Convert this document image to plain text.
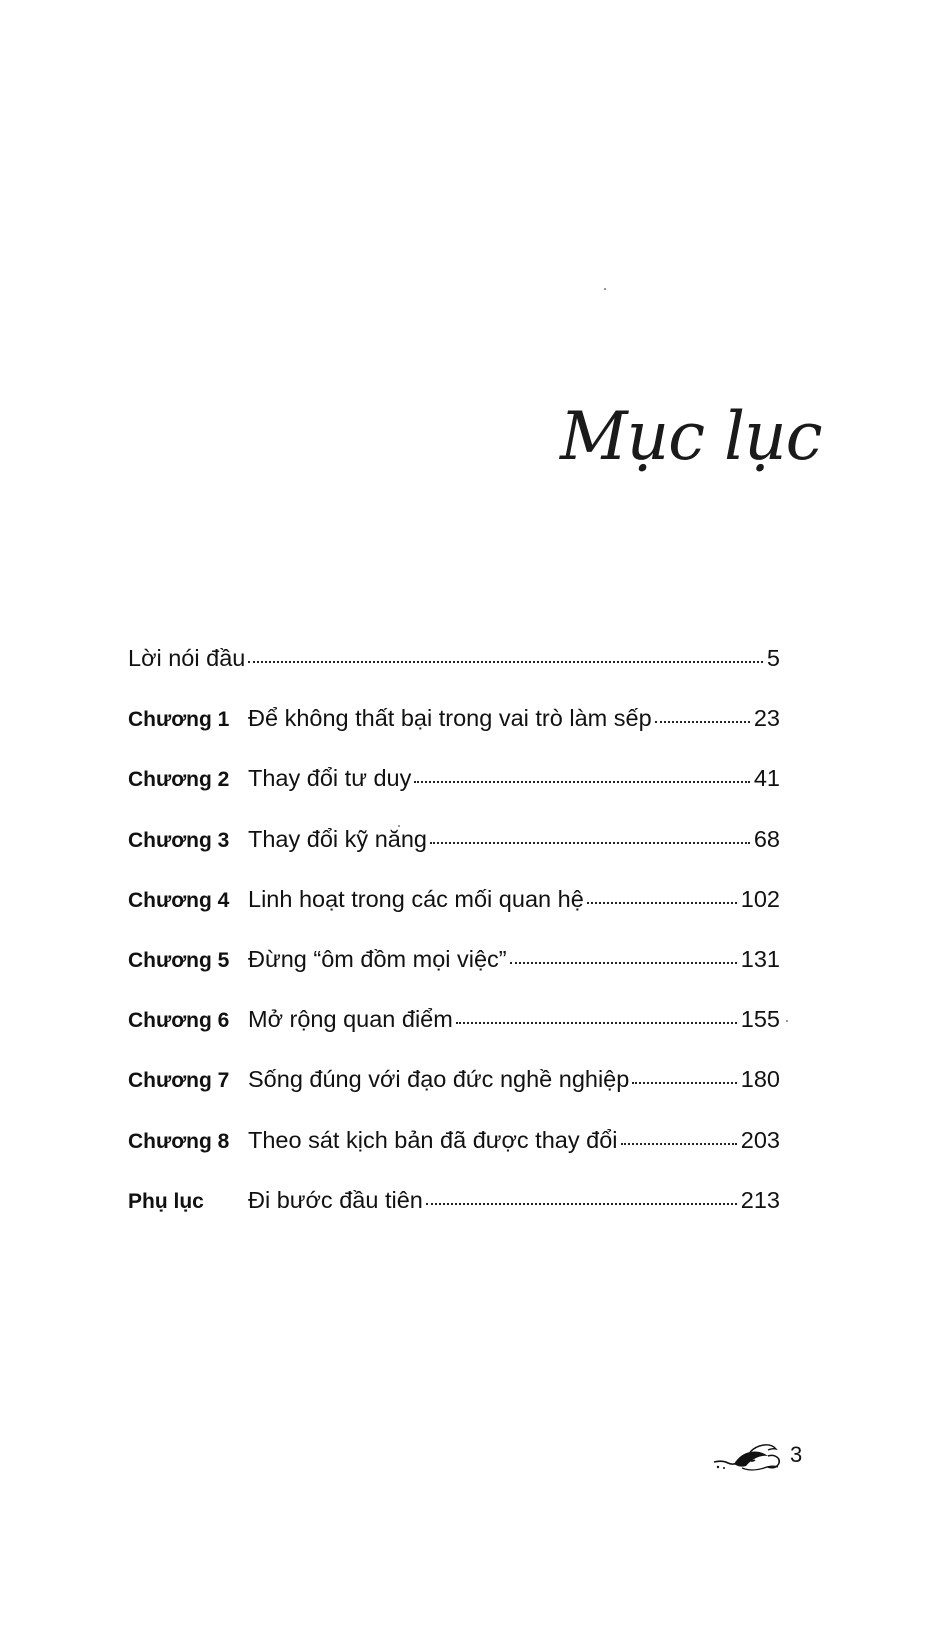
Mục lục
Lời nói đầu	5
Chương 1 Để không thất bại trong vai trò làm sếp	23
Chương 2 Thay đổi tư duy	41
Chương 3 Thay đổi kỹ năng	68
Chương 4 Linh hoạt trong các mối quan hệ	102
Chương 5 Đừng “ôm đồm mọi việc”	131
Chương 6 Mở rộng quan điểm	155
Chương 7 Sống đúng với đạo đức nghề nghiệp	180
Chương 8 Theo sát kịch bản đã được thay đổi	203
Phụ lục	Đi bước đầu tiên	213
3
